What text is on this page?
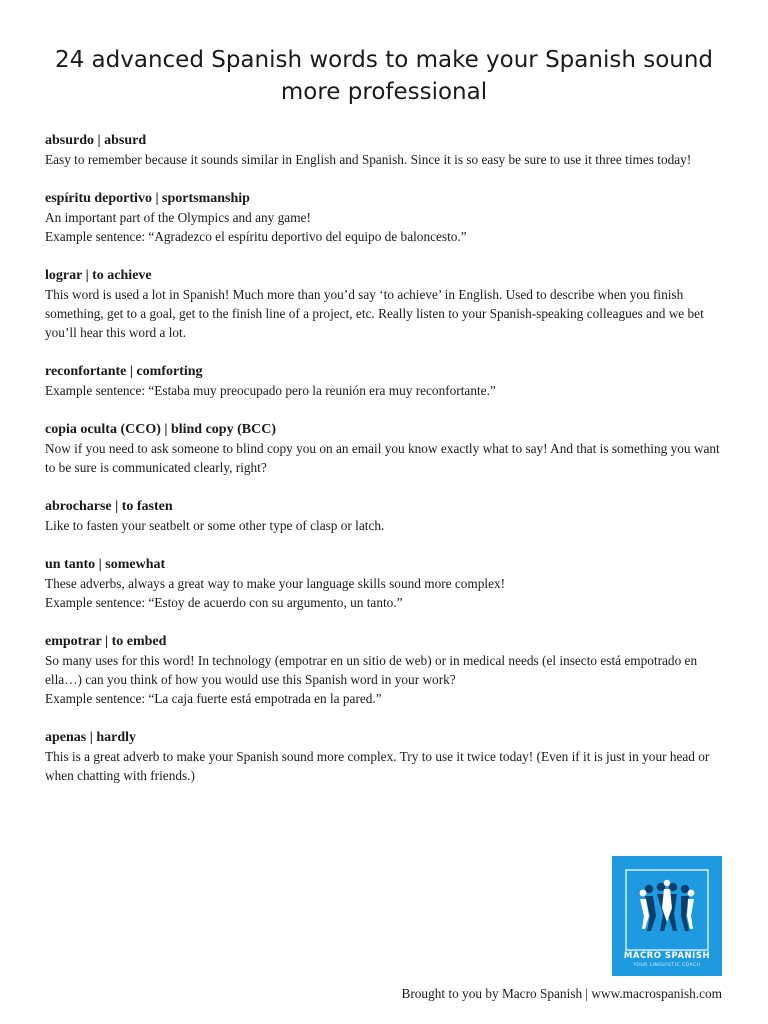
24 advanced Spanish words to make your Spanish sound more professional
absurdo | absurd

Easy to remember because it sounds similar in English and Spanish. Since it is so easy be sure to use it three times today!

espíritu deportivo | sportsmanship

An important part of the Olympics and any game!

Example sentence: “Agradezco el espíritu deportivo del equipo de baloncesto.”

lograr | to achieve

This word is used a lot in Spanish! Much more than you’d say ‘to achieve’ in English. Used to describe when you finish something, get to a goal, get to the finish line of a project, etc. Really listen to your Spanish-speaking colleagues and we bet you’ll hear this word a lot.

reconfortante | comforting

Example sentence: “Estaba muy preocupado pero la reunión era muy reconfortante.”

copia oculta (CCO) | blind copy (BCC)

Now if you need to ask someone to blind copy you on an email you know exactly what to say! And that is something you want to be sure is communicated clearly, right?

abrocharse | to fasten

Like to fasten your seatbelt or some other type of clasp or latch.

un tanto | somewhat

These adverbs, always a great way to make your language skills sound more complex!

Example sentence: “Estoy de acuerdo con su argumento, un tanto.”

empotrar | to embed

So many uses for this word! In technology (empotrar en un sitio de web) or in medical needs (el insecto está empotrado en ella…) can you think of how you would use this Spanish word in your work?

Example sentence: “La caja fuerte está empotrada en la pared.”

apenas | hardly

This is a great adverb to make your Spanish sound more complex. Try to use it twice today! (Even if it is just in your head or when chatting with friends.)

MACRO SPANISH
YOUR LINGUISTIC COACH
Brought to you by Macro Spanish | www.macrospanish.com
